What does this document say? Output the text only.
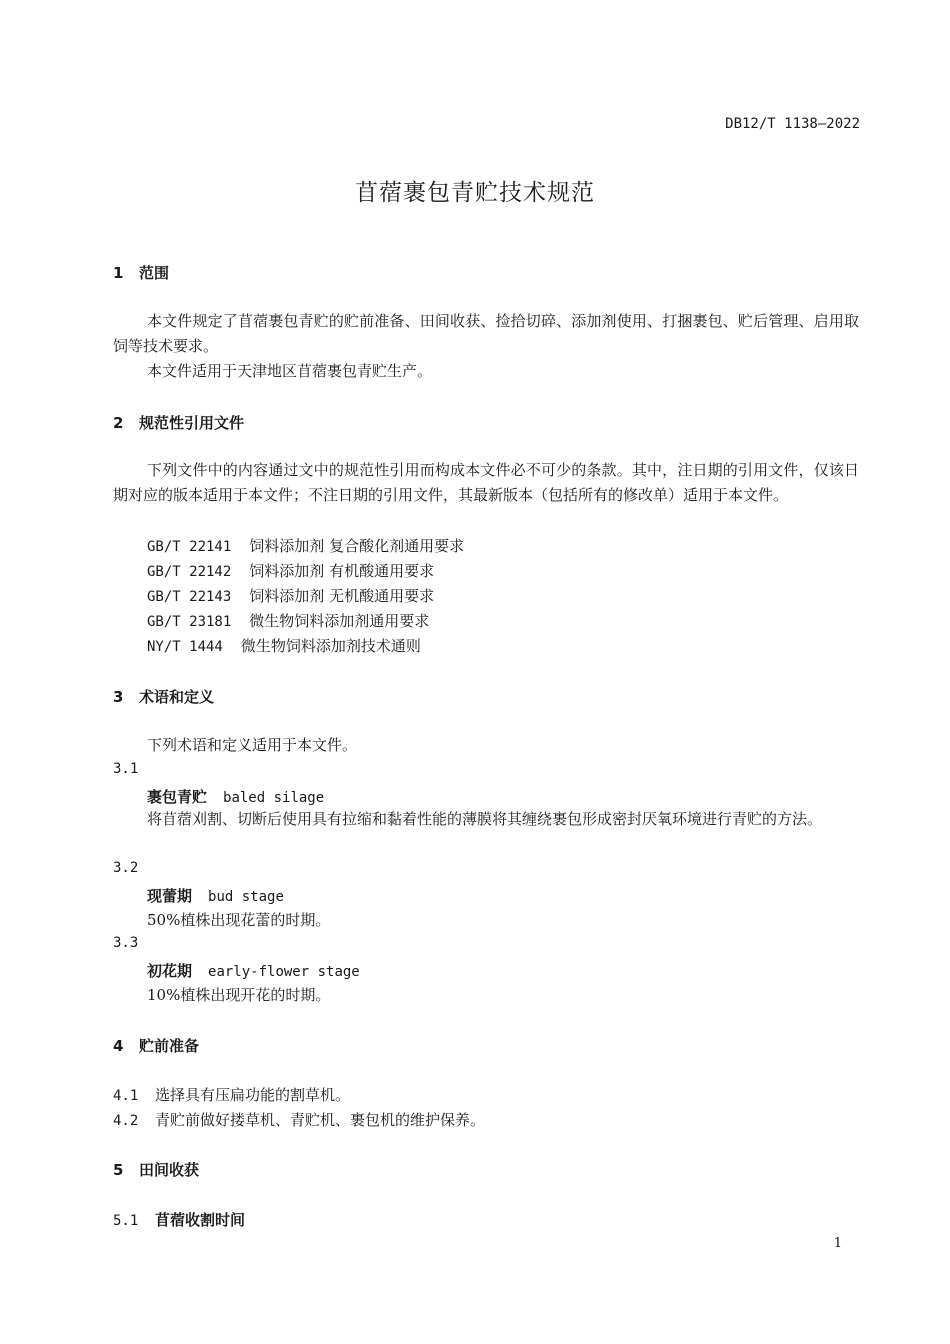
DB12/T 1138—2022
苜蓿裹包青贮技术规范
1 范围
本文件规定了苜蓿裹包青贮的贮前准备、田间收获、捡拾切碎、添加剂使用、打捆裹包、贮后管理、启用取饲等技术要求。
本文件适用于天津地区苜蓿裹包青贮生产。
2 规范性引用文件
下列文件中的内容通过文中的规范性引用而构成本文件必不可少的条款。其中，注日期的引用文件，仅该日期对应的版本适用于本文件；不注日期的引用文件，其最新版本（包括所有的修改单）适用于本文件。
GB/T 22141 饲料添加剂 复合酸化剂通用要求
GB/T 22142 饲料添加剂 有机酸通用要求
GB/T 22143 饲料添加剂 无机酸通用要求
GB/T 23181 微生物饲料添加剂通用要求
NY/T 1444 微生物饲料添加剂技术通则
3 术语和定义
下列术语和定义适用于本文件。
3.1
裹包青贮 baled silage
将苜蓿刈割、切断后使用具有拉缩和黏着性能的薄膜将其缠绕裹包形成密封厌氧环境进行青贮的方法。
3.2
现蕾期 bud stage
50%植株出现花蕾的时期。
3.3
初花期 early-flower stage
10%植株出现开花的时期。
4 贮前准备
4.1 选择具有压扁功能的割草机。
4.2 青贮前做好搂草机、青贮机、裹包机的维护保养。
5 田间收获
5.1 苜蓿收割时间
1
